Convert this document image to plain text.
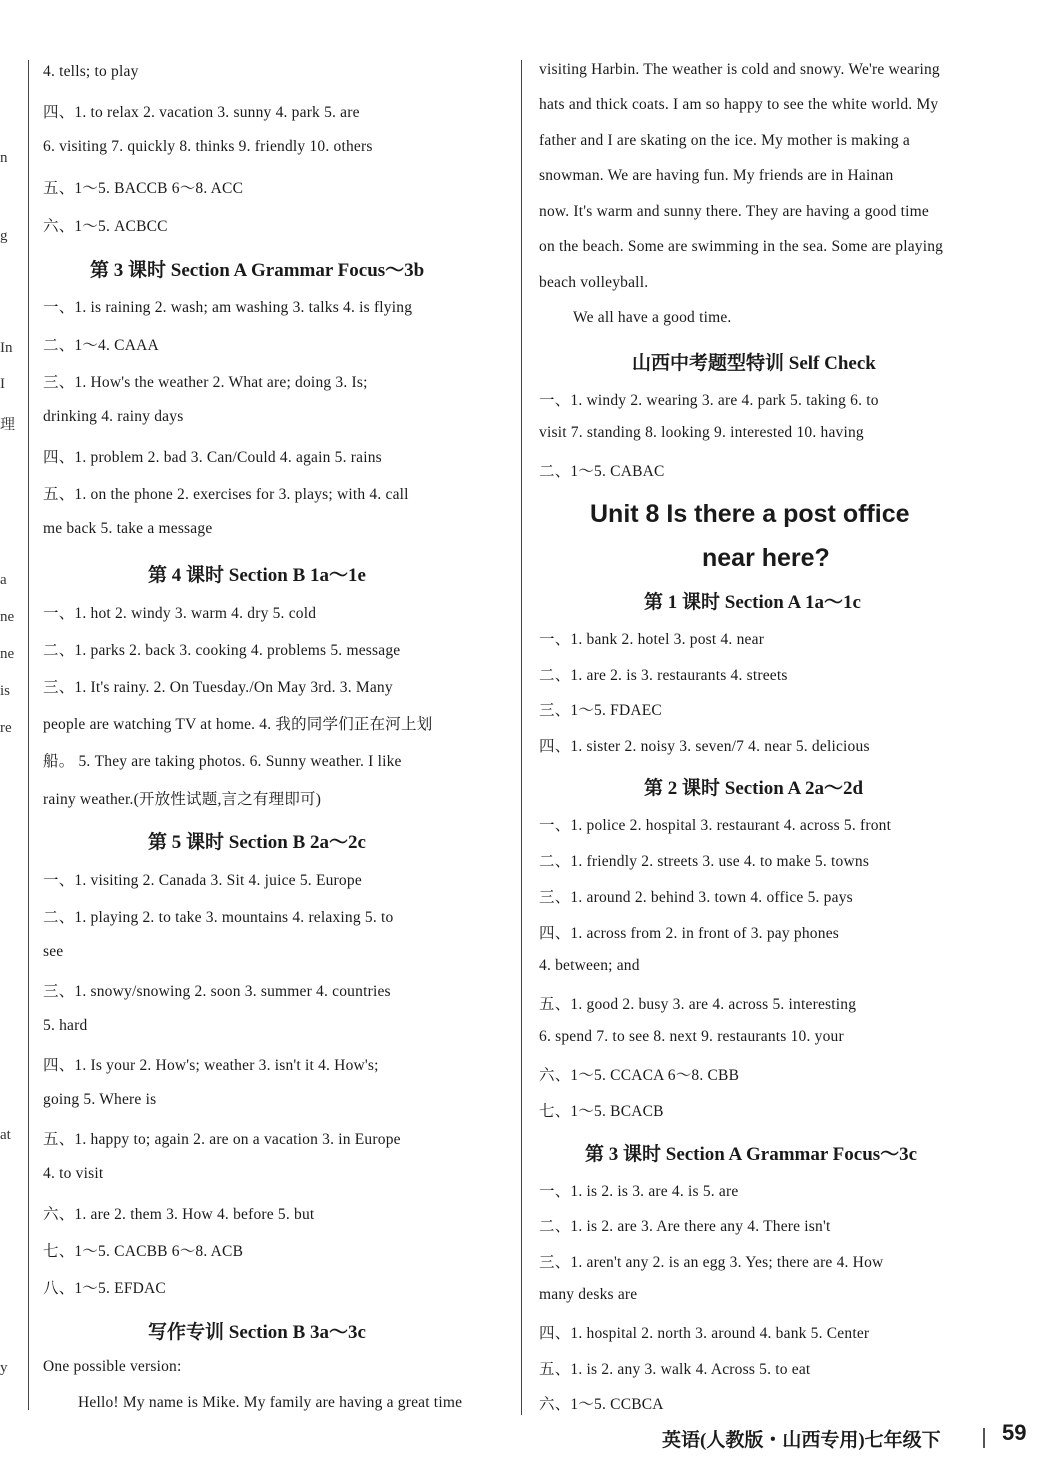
n
g
In
I
理
a
ne
ne
is
re
at
y
4. tells; to play
四、1. to relax 2. vacation 3. sunny 4. park 5. are
6. visiting 7. quickly 8. thinks 9. friendly 10. others
五、1～5. BACCB 6～8. ACC
六、1～5. ACBCC
第 3 课时 Section A Grammar Focus～3b
一、1. is raining 2. wash; am washing 3. talks 4. is flying
二、1～4. CAAA
三、1. How's the weather 2. What are; doing 3. Is;
drinking 4. rainy days
四、1. problem 2. bad 3. Can/Could 4. again 5. rains
五、1. on the phone 2. exercises for 3. plays; with 4. call
me back 5. take a message
第 4 课时 Section B 1a～1e
一、1. hot 2. windy 3. warm 4. dry 5. cold
二、1. parks 2. back 3. cooking 4. problems 5. message
三、1. It's rainy. 2. On Tuesday./On May 3rd. 3. Many
people are watching TV at home. 4. 我的同学们正在河上划
船。 5. They are taking photos. 6. Sunny weather. I like
rainy weather.(开放性试题,言之有理即可)
第 5 课时 Section B 2a～2c
一、1. visiting 2. Canada 3. Sit 4. juice 5. Europe
二、1. playing 2. to take 3. mountains 4. relaxing 5. to
see
三、1. snowy/snowing 2. soon 3. summer 4. countries
5. hard
四、1. Is your 2. How's; weather 3. isn't it 4. How's;
going 5. Where is
五、1. happy to; again 2. are on a vacation 3. in Europe
4. to visit
六、1. are 2. them 3. How 4. before 5. but
七、1～5. CACBB 6～8. ACB
八、1～5. EFDAC
写作专训 Section B 3a～3c
One possible version:
Hello! My name is Mike. My family are having a great time
visiting Harbin. The weather is cold and snowy. We're wearing
hats and thick coats. I am so happy to see the white world. My
father and I are skating on the ice. My mother is making a
snowman. We are having fun. My friends are in Hainan
now. It's warm and sunny there. They are having a good time
on the beach. Some are swimming in the sea. Some are playing
beach volleyball.
We all have a good time.
山西中考题型特训 Self Check
一、1. windy 2. wearing 3. are 4. park 5. taking 6. to
visit 7. standing 8. looking 9. interested 10. having
二、1～5. CABAC
Unit 8 Is there a post office
near here?
第 1 课时 Section A 1a～1c
一、1. bank 2. hotel 3. post 4. near
二、1. are 2. is 3. restaurants 4. streets
三、1～5. FDAEC
四、1. sister 2. noisy 3. seven/7 4. near 5. delicious
第 2 课时 Section A 2a～2d
一、1. police 2. hospital 3. restaurant 4. across 5. front
二、1. friendly 2. streets 3. use 4. to make 5. towns
三、1. around 2. behind 3. town 4. office 5. pays
四、1. across from 2. in front of 3. pay phones
4. between; and
五、1. good 2. busy 3. are 4. across 5. interesting
6. spend 7. to see 8. next 9. restaurants 10. your
六、1～5. CCACA 6～8. CBB
七、1～5. BCACB
第 3 课时 Section A Grammar Focus～3c
一、1. is 2. is 3. are 4. is 5. are
二、1. is 2. are 3. Are there any 4. There isn't
三、1. aren't any 2. is an egg 3. Yes; there are 4. How
many desks are
四、1. hospital 2. north 3. around 4. bank 5. Center
五、1. is 2. any 3. walk 4. Across 5. to eat
六、1～5. CCBCA
英语(人教版・山西专用)七年级下	59
